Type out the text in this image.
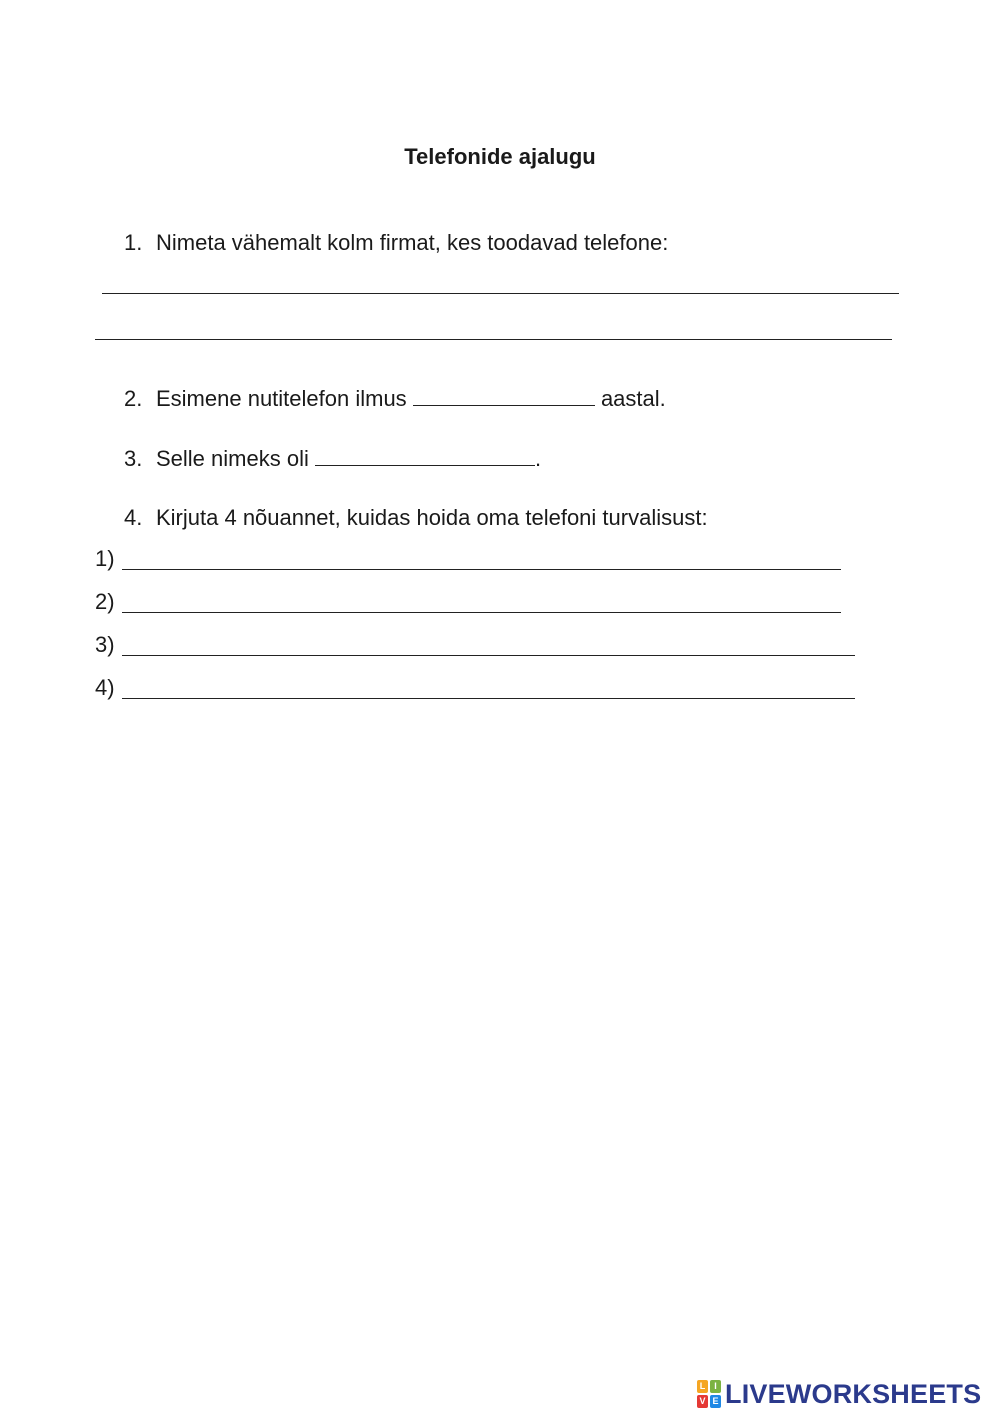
Telefonide ajalugu
1. Nimeta vähemalt kolm firmat, kes toodavad telefone:
2. Esimene nutitelefon ilmus	aastal.
3. Selle nimeks oli	.
4. Kirjuta 4 nõuannet, kuidas hoida oma telefoni turvalisust:
1)
2)
3)
4)
L I
V E LIVEWORKSHEETS
